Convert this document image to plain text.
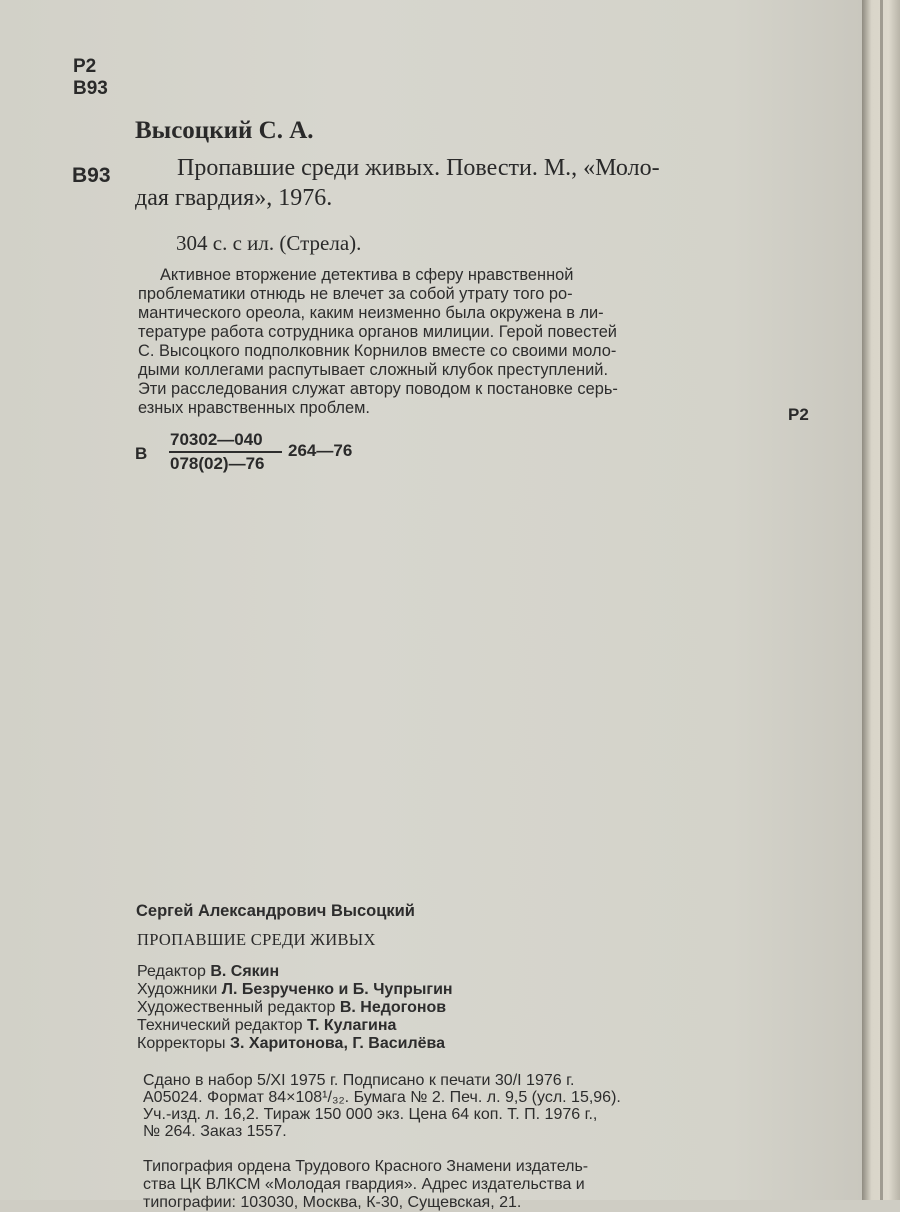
Р2
В93
Высоцкий С. А.
В93	Пропавшие среди живых. Повести. М., «Моло-
дая гвардия», 1976.
304 с. с ил. (Стрела).
Активное вторжение детектива в сферу нравственной
проблематики отнюдь не влечет за собой утрату того ро-
мантического ореола, каким неизменно была окружена в ли-
тературе работа сотрудника органов милиции. Герой повестей
С. Высоцкого подполковник Корнилов вместе со своими моло-
дыми коллегами распутывает сложный клубок преступлений.
Эти расследования служат автору поводом к постановке серь-
езных нравственных проблем.	Р2
В
70302—040
078(02)—76
264—76
Сергей Александрович Высоцкий
ПРОПАВШИЕ СРЕДИ ЖИВЫХ
Редактор В. Сякин
Художники Л. Безрученко и Б. Чупрыгин
Художественный редактор В. Недогонов
Технический редактор Т. Кулагина
Корректоры З. Харитонова, Г. Василёва
Сдано в набор 5/XI 1975 г. Подписано к печати 30/I 1976 г.
А05024. Формат 84×108¹/₃₂. Бумага № 2. Печ. л. 9,5 (усл. 15,96).
Уч.-изд. л. 16,2. Тираж 150 000 экз. Цена 64 коп. Т. П. 1976 г.,
№ 264. Заказ 1557.
Типография ордена Трудового Красного Знамени издатель-
ства ЦК ВЛКСМ «Молодая гвардия». Адрес издательства и
типографии: 103030, Москва, К-30, Сущевская, 21.
